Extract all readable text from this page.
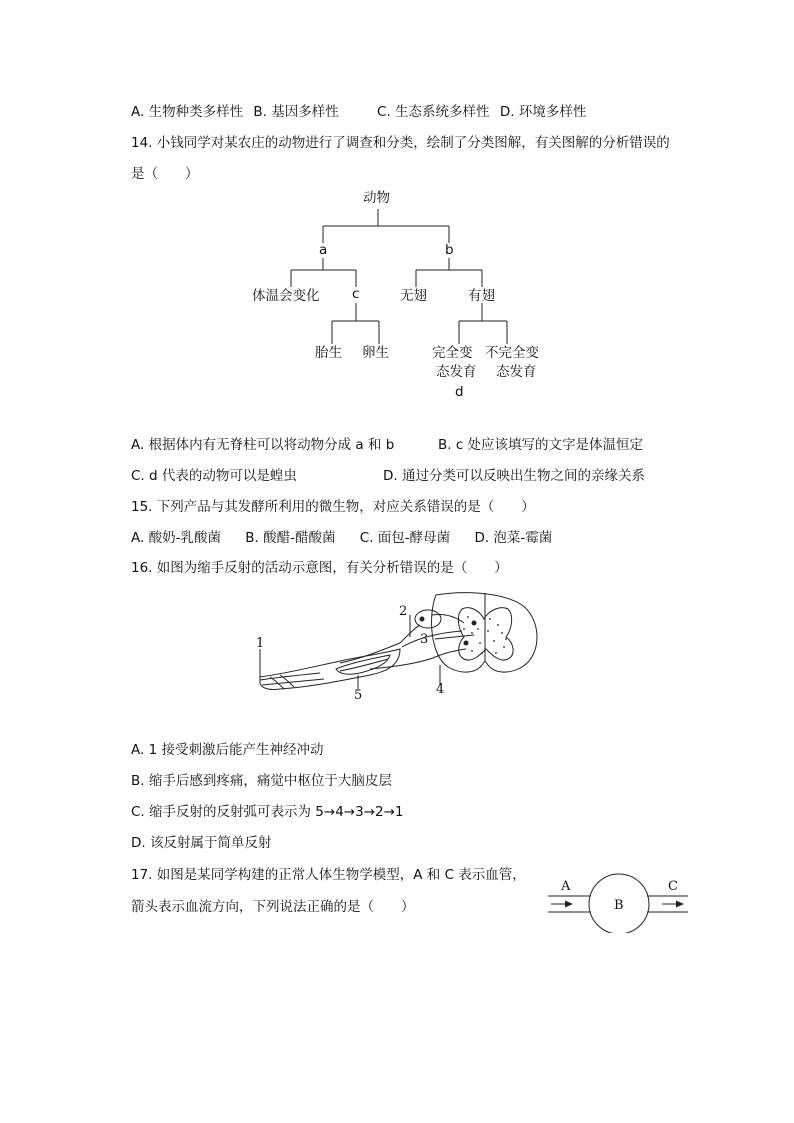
A. 生物种类多样性 B. 基因多样性	C. 生态系统多样性 D. 环境多样性
14. 小钱同学对某农庄的动物进行了调查和分类，绘制了分类图解，有关图解的分析错误的
是（　　）
动物
a	b
体温会变化 c	无翅	有翅
胎生 卵生	完全变
态发育
d
不完全变
态发育
A. 根据体内有无脊柱可以将动物分成 a 和 b	B. c 处应该填写的文字是体温恒定
C. d 代表的动物可以是蝗虫	D. 通过分类可以反映出生物之间的亲缘关系
15. 下列产品与其发酵所利用的微生物，对应关系错误的是（　　）
A. 酸奶-乳酸菌 B. 酸醋-醋酸菌 C. 面包-酵母菌 D. 泡菜-霉菌
16. 如图为缩手反射的活动示意图，有关分析错误的是（　　）
1
2
3
4
5
A. 1 接受刺激后能产生神经冲动
B. 缩手后感到疼痛，痛觉中枢位于大脑皮层
C. 缩手反射的反射弧可表示为 5→4→3→2→1
D. 该反射属于简单反射
17. 如图是某同学构建的正常人体生物学模型，A 和 C 表示血管，
箭头表示血流方向，下列说法正确的是（　　）
A
B
C
